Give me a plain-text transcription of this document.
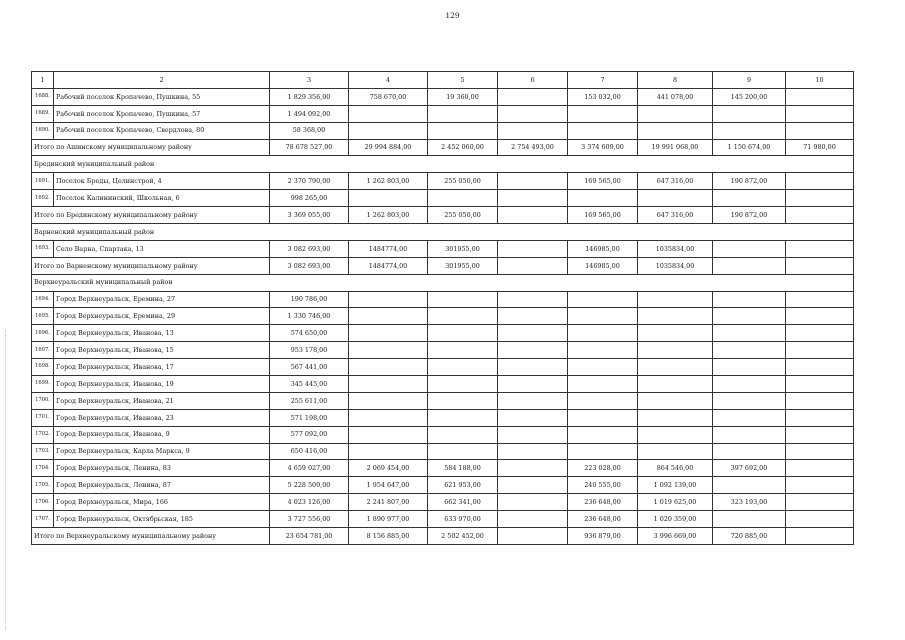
129
1	2	3	4	5	6	7	8	9	10
1688.	Рабочий поселок Кропачево, Пушкина, 55	1 829 356,00	758 670,00	19 360,00		153 032,00	441 078,00	145 200,00	
1689.	Рабочий поселок Кропачево, Пушкина, 57	1 494 092,00							
1690.	Рабочий поселок Кропачево, Свердлова, 80	58 368,00							
Итого по Ашинскому муниципальному району		78 678 527,00	29 994 884,00	2 452 060,00	2 754 493,00	3 374 609,00	19 991 068,00	1 150 674,00	71 980,00
Брединский муниципальный район									
1691.	Поселок Бреды, Целинстрой, 4	2 370 790,00	1 262 803,00	255 050,00		169 565,00	647 316,00	190 872,00	
1692.	Поселок Калининский, Школьная, 6	998 265,00							
Итого по Брединскому муниципальному району		3 369 055,00	1 262 803,00	255 050,00		169 565,00	647 316,00	190 872,00	
Варненский муниципальный район									
1693.	Село Варна, Спартака, 13	3 082 693,00	1484774,00	301955,00		146985,00	1035834,00		
Итого по Варненскому муниципальному району		3 082 693,00	1484774,00	301955,00		146985,00	1035834,00		
Верхнеуральский муниципальный район									
1694.	Город Верхнеуральск, Еремина, 27	190 786,00							
1695.	Город Верхнеуральск, Еремина, 29	1 330 746,00							
1696.	Город Верхнеуральск, Иванова, 13	574 650,00							
1697.	Город Верхнеуральск, Иванова, 15	953 178,00							
1698.	Город Верхнеуральск, Иванова, 17	567 441,00							
1699.	Город Верхнеуральск, Иванова, 19	345 445,00							
1700.	Город Верхнеуральск, Иванова, 21	255 611,00							
1701.	Город Верхнеуральск, Иванова, 23	571 198,00							
1702.	Город Верхнеуральск, Иванова, 9	577 092,00							
1703.	Город Верхнеуральск, Карла Маркса, 9	650 416,00							
1704.	Город Верхнеуральск, Ленина, 83	4 659 027,00	2 069 454,00	584 188,00		223 028,00	864 546,00	397 692,00	
1705.	Город Верхнеуральск, Ленина, 87	5 228 509,00	1 954 647,00	621 953,00		240 555,00	1 092 139,00		
1706.	Город Верхнеуральск, Мира, 166	4 023 126,00	2 241 807,00	662 341,00		236 648,00	1 019 625,00	323 193,00	
1707.	Город Верхнеуральск, Октябрьская, 185	3 727 556,00	1 890 977,00	633 970,00		236 648,00	1 020 359,00		
Итого по Верхнеуральскому муниципальному району		23 654 781,00	8 156 885,00	2 502 452,00		936 879,00	3 996 669,00	720 885,00	
